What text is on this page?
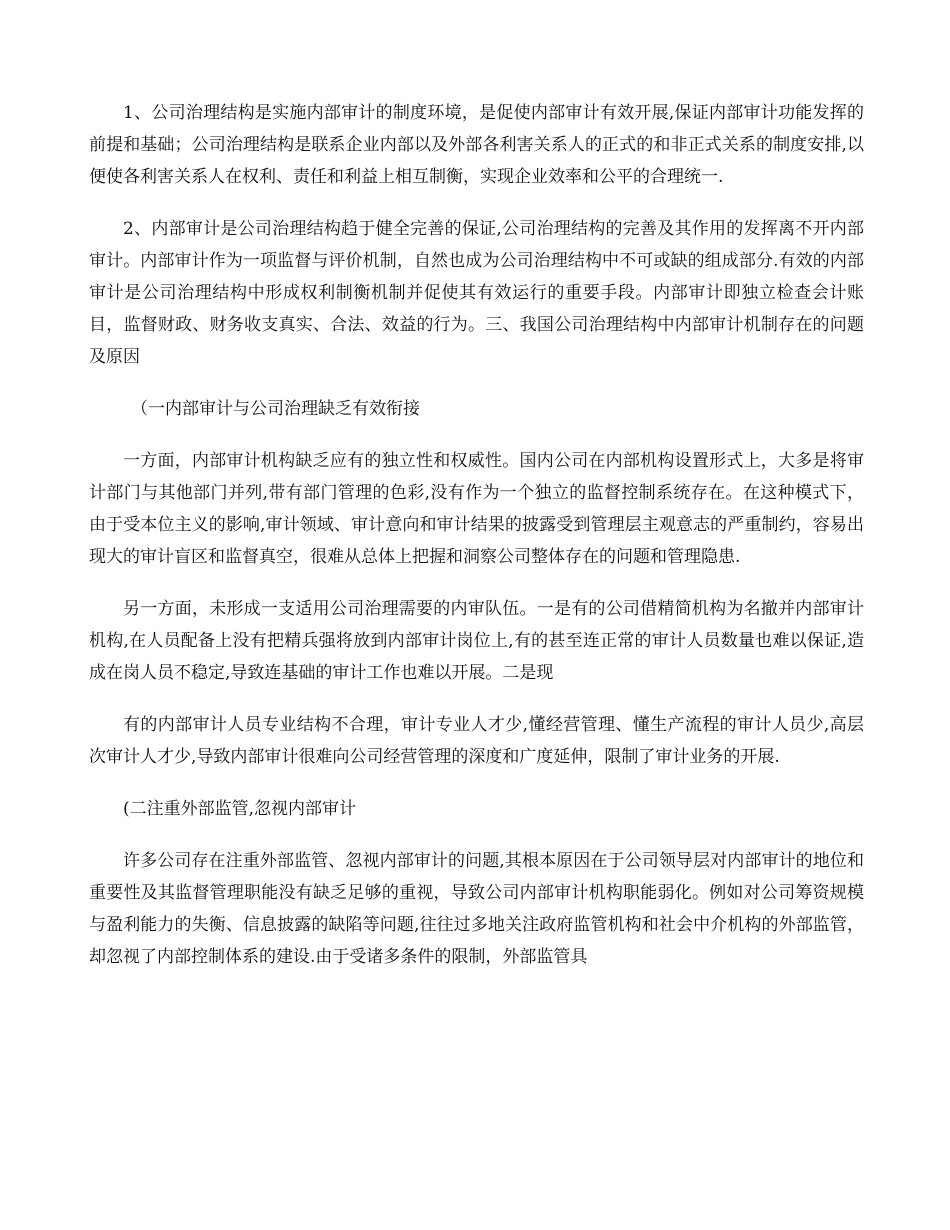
1、公司治理结构是实施内部审计的制度环境，是促使内部审计有效开展,保证内部审计功能发挥的前提和基础；公司治理结构是联系企业内部以及外部各利害关系人的正式的和非正式关系的制度安排,以便使各利害关系人在权利、责任和利益上相互制衡，实现企业效率和公平的合理统一.

2、内部审计是公司治理结构趋于健全完善的保证,公司治理结构的完善及其作用的发挥离不开内部审计。内部审计作为一项监督与评价机制，自然也成为公司治理结构中不可或缺的组成部分.有效的内部审计是公司治理结构中形成权利制衡机制并促使其有效运行的重要手段。内部审计即独立检查会计账目，监督财政、财务收支真实、合法、效益的行为。三、我国公司治理结构中内部审计机制存在的问题及原因

（一内部审计与公司治理缺乏有效衔接

一方面，内部审计机构缺乏应有的独立性和权威性。国内公司在内部机构设置形式上，大多是将审计部门与其他部门并列,带有部门管理的色彩,没有作为一个独立的监督控制系统存在。在这种模式下，由于受本位主义的影响,审计领域、审计意向和审计结果的披露受到管理层主观意志的严重制约，容易出现大的审计盲区和监督真空，很难从总体上把握和洞察公司整体存在的问题和管理隐患.

另一方面，未形成一支适用公司治理需要的内审队伍。一是有的公司借精简机构为名撤并内部审计机构,在人员配备上没有把精兵强将放到内部审计岗位上,有的甚至连正常的审计人员数量也难以保证,造成在岗人员不稳定,导致连基础的审计工作也难以开展。二是现

有的内部审计人员专业结构不合理，审计专业人才少,懂经营管理、懂生产流程的审计人员少,高层次审计人才少,导致内部审计很难向公司经营管理的深度和广度延伸，限制了审计业务的开展.

(二注重外部监管,忽视内部审计

许多公司存在注重外部监管、忽视内部审计的问题,其根本原因在于公司领导层对内部审计的地位和重要性及其监督管理职能没有缺乏足够的重视，导致公司内部审计机构职能弱化。例如对公司筹资规模与盈利能力的失衡、信息披露的缺陷等问题,往往过多地关注政府监管机构和社会中介机构的外部监管，却忽视了内部控制体系的建设.由于受诸多条件的限制，外部监管具
